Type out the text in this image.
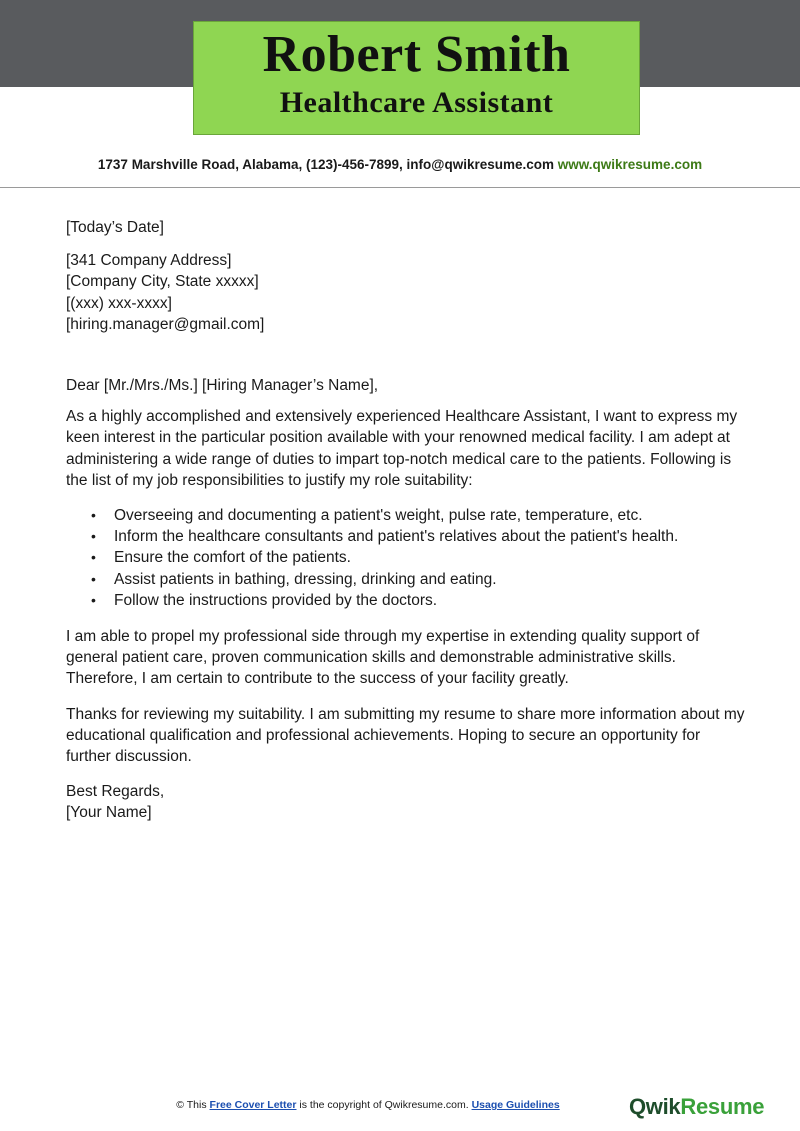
Robert Smith
Healthcare Assistant
1737 Marshville Road, Alabama, (123)-456-7899, info@qwikresume.com www.qwikresume.com

[Today’s Date]

[341 Company Address]

[Company City, State xxxxx]

[(xxx) xxx-xxxx]

[hiring.manager@gmail.com]

Dear [Mr./Mrs./Ms.] [Hiring Manager’s Name],

As a highly accomplished and extensively experienced Healthcare Assistant, I want to express my keen interest in the particular position available with your renowned medical facility. I am adept at administering a wide range of duties to impart top-notch medical care to the patients. Following is the list of my job responsibilities to justify my role suitability:

• Overseeing and documenting a patient's weight, pulse rate, temperature, etc.
• Inform the healthcare consultants and patient's relatives about the patient's health.
• Ensure the comfort of the patients.
• Assist patients in bathing, dressing, drinking and eating.
• Follow the instructions provided by the doctors.

I am able to propel my professional side through my expertise in extending quality support of general patient care, proven communication skills and demonstrable administrative skills. Therefore, I am certain to contribute to the success of your facility greatly.

Thanks for reviewing my suitability. I am submitting my resume to share more information about my educational qualification and professional achievements. Hoping to secure an opportunity for further discussion.

Best Regards,

[Your Name]

© This Free Cover Letter is the copyright of Qwikresume.com. Usage Guidelines	QwikResume
